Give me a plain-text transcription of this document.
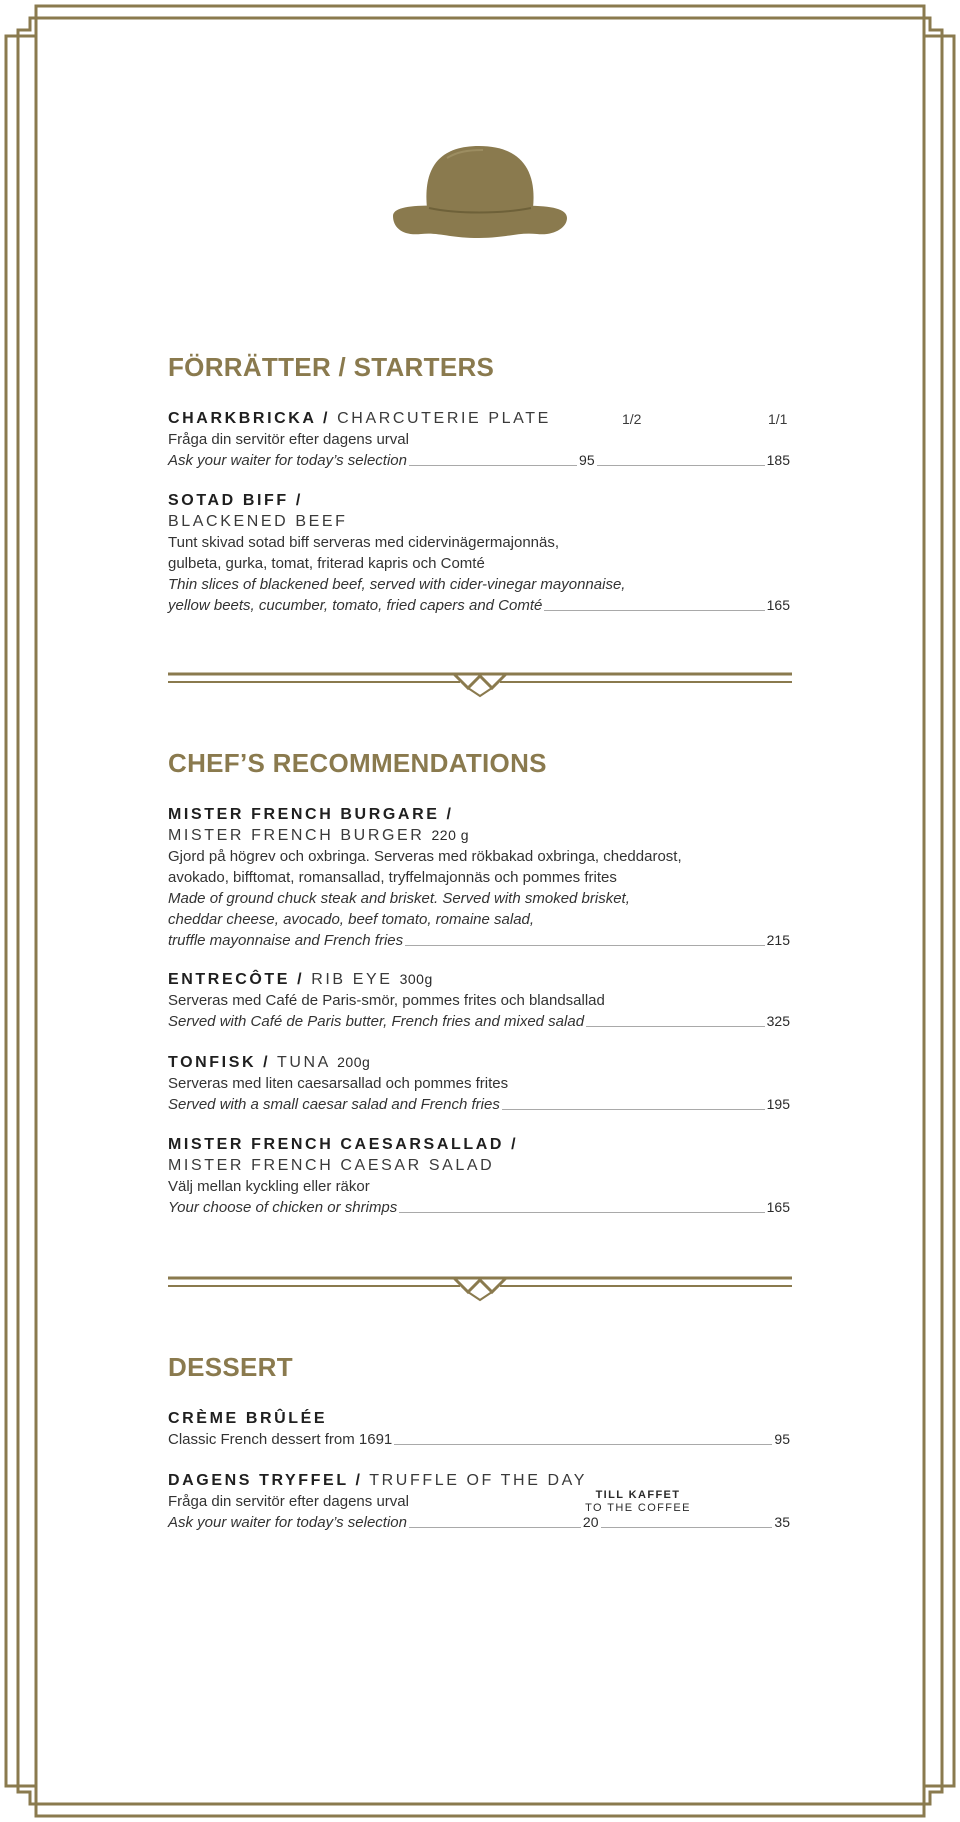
FÖRRÄTTER / STARTERS
CHARKBRICKA / CHARCUTERIE PLATE	1/2	1/1
Fråga din servitör efter dagens urval
Ask your waiter for today’s selection	95	185
SOTAD BIFF /
BLACKENED BEEF
Tunt skivad sotad biff serveras med cidervinägermajonnäs,
gulbeta, gurka, tomat, friterad kapris och Comté
Thin slices of blackened beef, served with cider-vinegar mayonnaise,
yellow beets, cucumber, tomato, fried capers and Comté	165
CHEF’S RECOMMENDATIONS
MISTER FRENCH BURGARE /
MISTER FRENCH BURGER 220 g
Gjord på högrev och oxbringa. Serveras med rökbakad oxbringa, cheddarost,
avokado, bifftomat, romansallad, tryffelmajonnäs och pommes frites
Made of ground chuck steak and brisket. Served with smoked brisket,
cheddar cheese, avocado, beef tomato, romaine salad,
truffle mayonnaise and French fries	215
ENTRECÔTE / RIB EYE 300g
Serveras med Café de Paris-smör, pommes frites och blandsallad
Served with Café de Paris butter, French fries and mixed salad	325
TONFISK / TUNA 200g
Serveras med liten caesarsallad och pommes frites
Served with a small caesar salad and French fries	195
MISTER FRENCH CAESARSALLAD /
MISTER FRENCH CAESAR SALAD
Välj mellan kyckling eller räkor
Your choose of chicken or shrimps	165
DESSERT
CRÈME BRÛLÉE
Classic French dessert from 1691	95
DAGENS TRYFFEL / TRUFFLE OF THE DAY
TILL KAFFET
TO THE COFFEE
Fråga din servitör efter dagens urval
Ask your waiter for today’s selection	20	35
